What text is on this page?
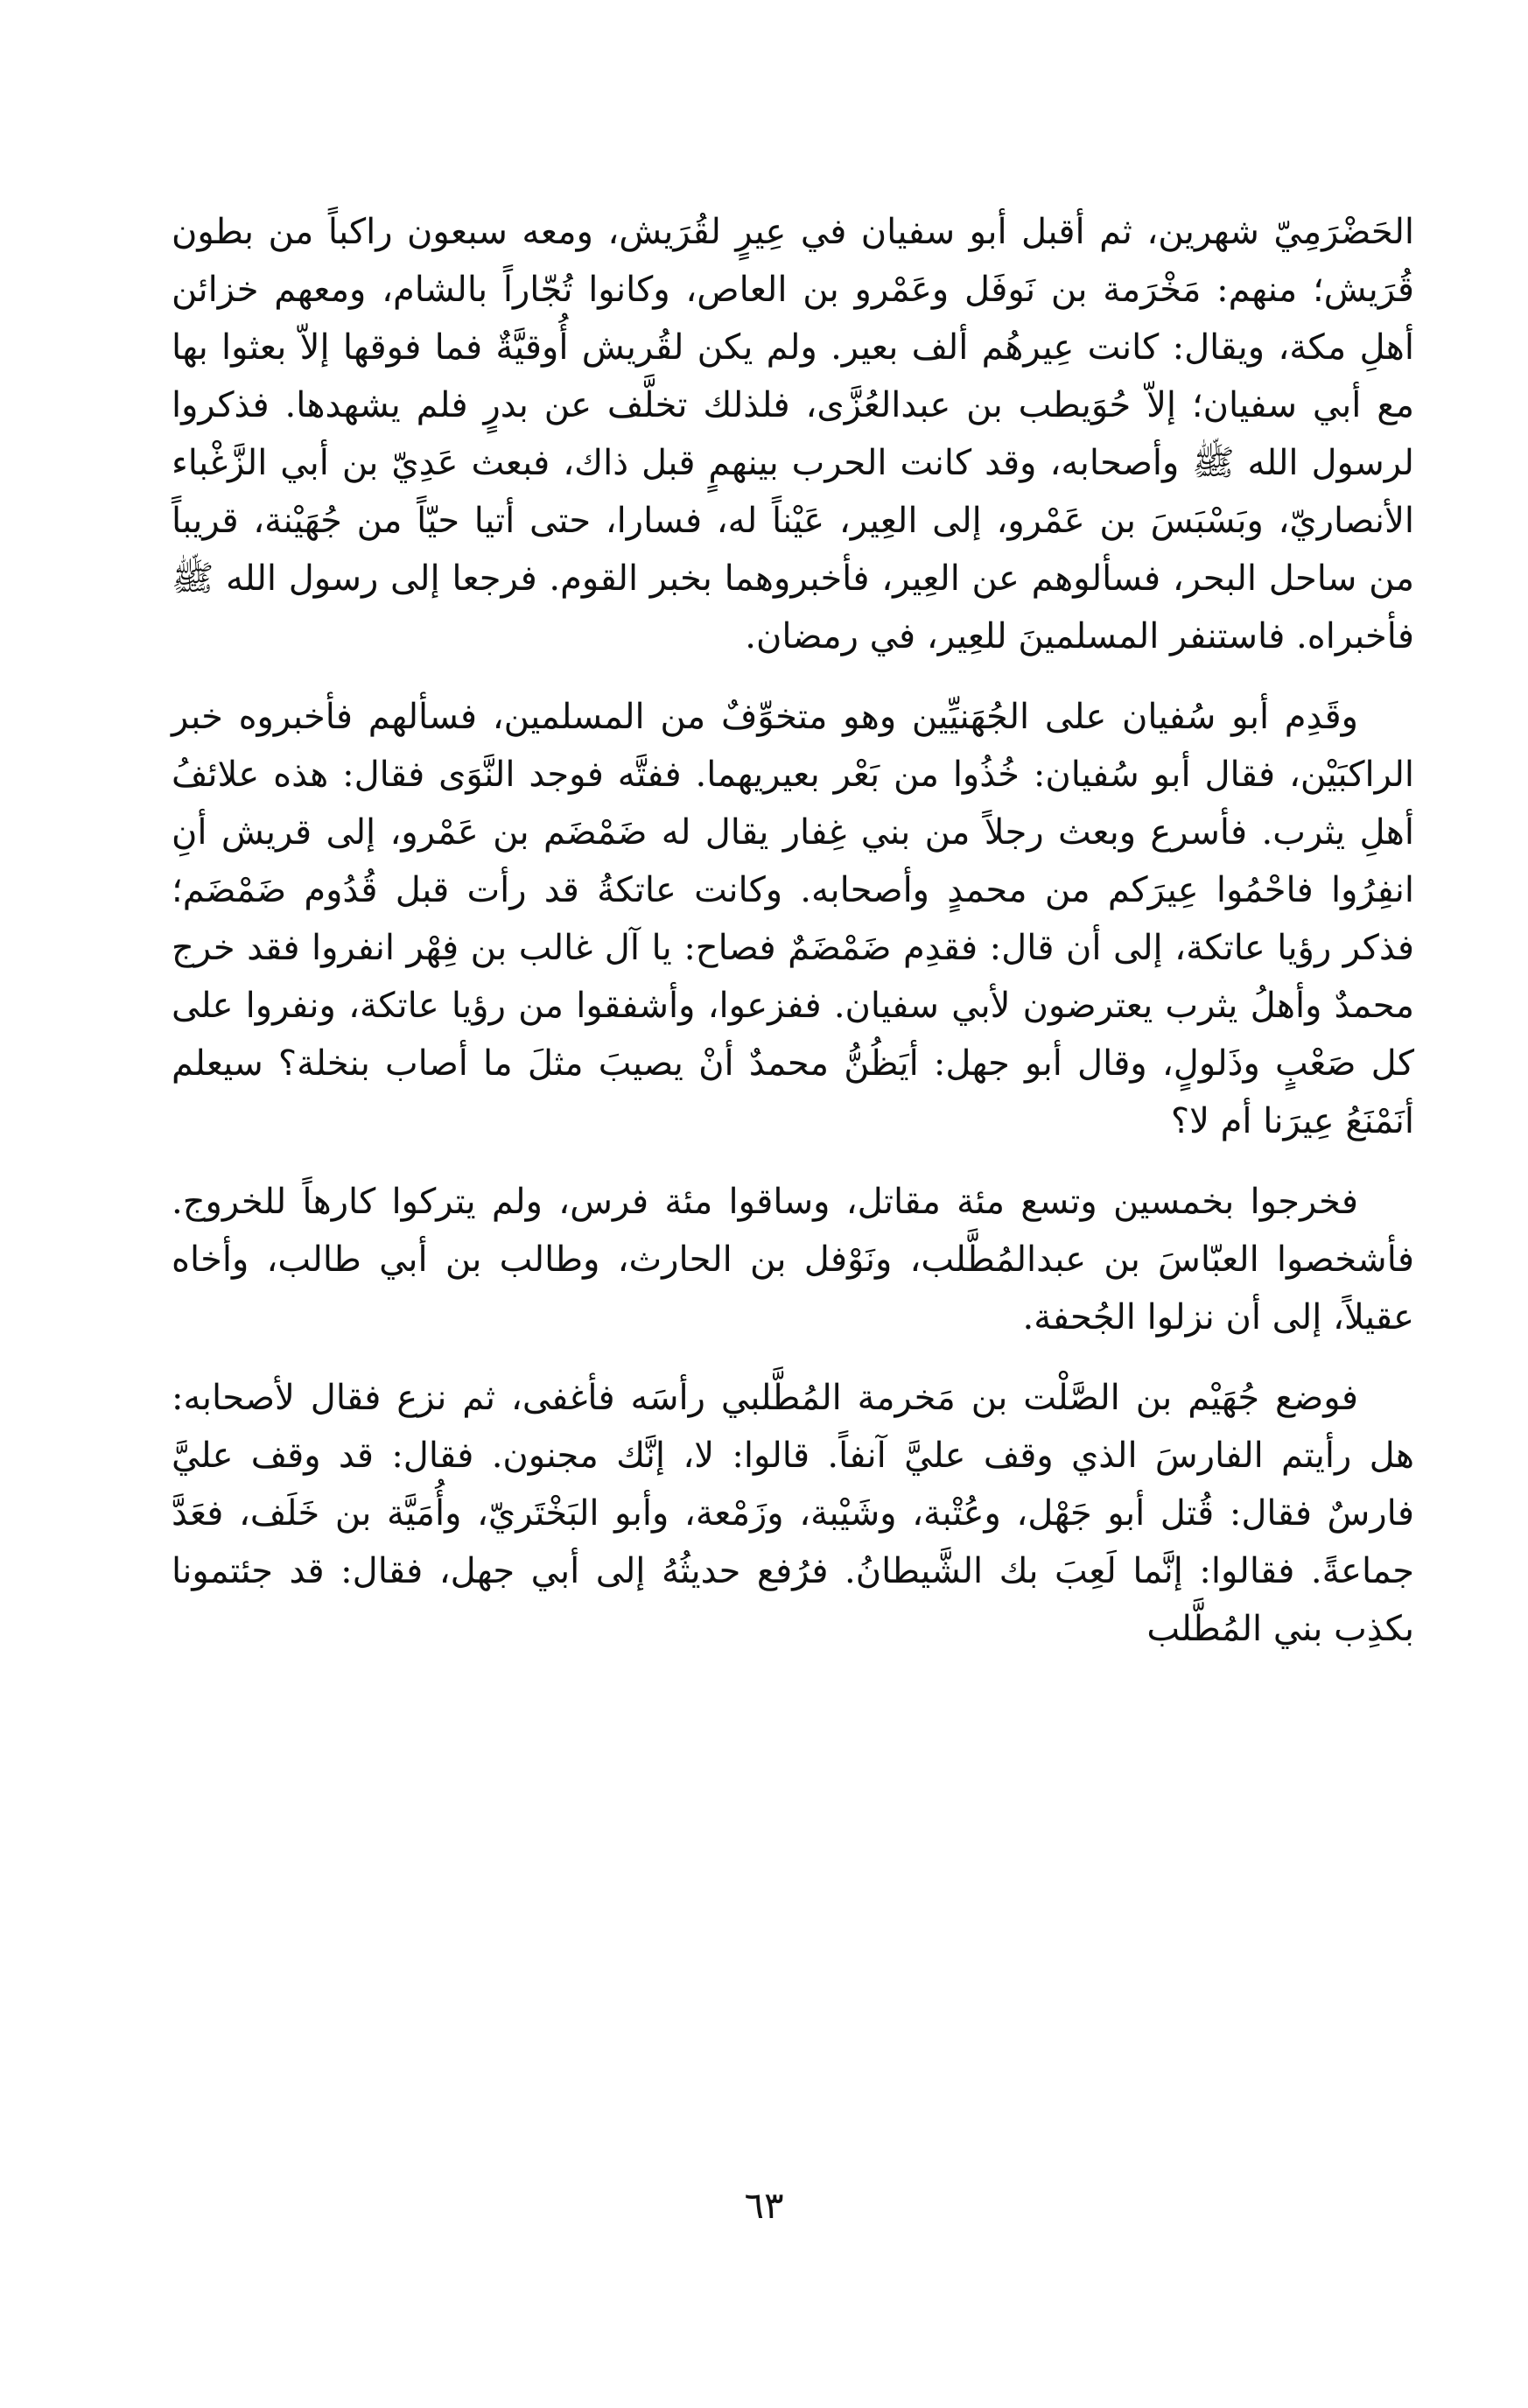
الحَضْرَمِيّ شهرين، ثم أقبل أبو سفيان في عِيرٍ لقُرَيش، ومعه سبعون راكباً من بطون قُرَيش؛ منهم: مَخْرَمة بن نَوفَل وعَمْرو بن العاص، وكانوا تُجّاراً بالشام، ومعهم خزائن أهلِ مكة، ويقال: كانت عِيرهُم ألف بعير. ولم يكن لقُريش أُوقيَّةٌ فما فوقها إلاّ بعثوا بها مع أبي سفيان؛ إلاّ حُوَيطب بن عبدالعُزَّى، فلذلك تخلَّف عن بدرٍ فلم يشهدها. فذكروا لرسول الله ﷺ وأصحابه، وقد كانت الحرب بينهمٍ قبل ذاك، فبعث عَدِيّ بن أبي الزَّغْباء الأنصاريّ، وبَسْبَسَ بن عَمْرو، إلى العِير، عَيْناً له، فسارا، حتى أتيا حيّاً من جُهَيْنة، قريباً من ساحل البحر، فسألوهم عن العِير، فأخبروهما بخبر القوم. فرجعا إلى رسول الله ﷺ فأخبراه. فاستنفر المسلمينَ للعِير، في رمضان.

وقَدِم أبو سُفيان على الجُهَنيِّين وهو متخوِّفٌ من المسلمين، فسألهم فأخبروه خبر الراكبَيْن، فقال أبو سُفيان: خُذُوا من بَعْر بعيريهما. ففتَّه فوجد النَّوَى فقال: هذه علائفُ أهلِ يثرب. فأسرع وبعث رجلاً من بني غِفار يقال له ضَمْضَم بن عَمْرو، إلى قريش أنِ انفِرُوا فاحْمُوا عِيرَكم من محمدٍ وأصحابه. وكانت عاتكةُ قد رأت قبل قُدُوم ضَمْضَم؛ فذكر رؤيا عاتكة، إلى أن قال: فقدِم ضَمْضَمٌ فصاح: يا آل غالب بن فِهْر انفروا فقد خرج محمدٌ وأهلُ يثرب يعترضون لأبي سفيان. ففزعوا، وأشفقوا من رؤيا عاتكة، ونفروا على كل صَعْبٍ وذَلولٍ، وقال أبو جهل: أيَظُنُّ محمدٌ أنْ يصيبَ مثلَ ما أصاب بنخلة؟ سيعلم أنَمْنَعُ عِيرَنا أم لا؟

فخرجوا بخمسين وتسع مئة مقاتل، وساقوا مئة فرس، ولم يتركوا كارهاً للخروج. فأشخصوا العبّاسَ بن عبدالمُطَّلب، ونَوْفل بن الحارث، وطالب بن أبي طالب، وأخاه عقيلاً، إلى أن نزلوا الجُحفة.

فوضع جُهَيْم بن الصَّلْت بن مَخرمة المُطَّلبي رأسَه فأغفى، ثم نزع فقال لأصحابه: هل رأيتم الفارسَ الذي وقف عليَّ آنفاً. قالوا: لا، إنَّك مجنون. فقال: قد وقف عليَّ فارسٌ فقال: قُتل أبو جَهْل، وعُتْبة، وشَيْبة، وزَمْعة، وأبو البَخْتَريّ، وأُمَيَّة بن خَلَف، فعَدَّ جماعةً. فقالوا: إنَّما لَعِبَ بك الشَّيطانُ. فرُفع حديثُهُ إلى أبي جهل، فقال: قد جئتمونا بكذِب بني المُطَّلب

٦٣
